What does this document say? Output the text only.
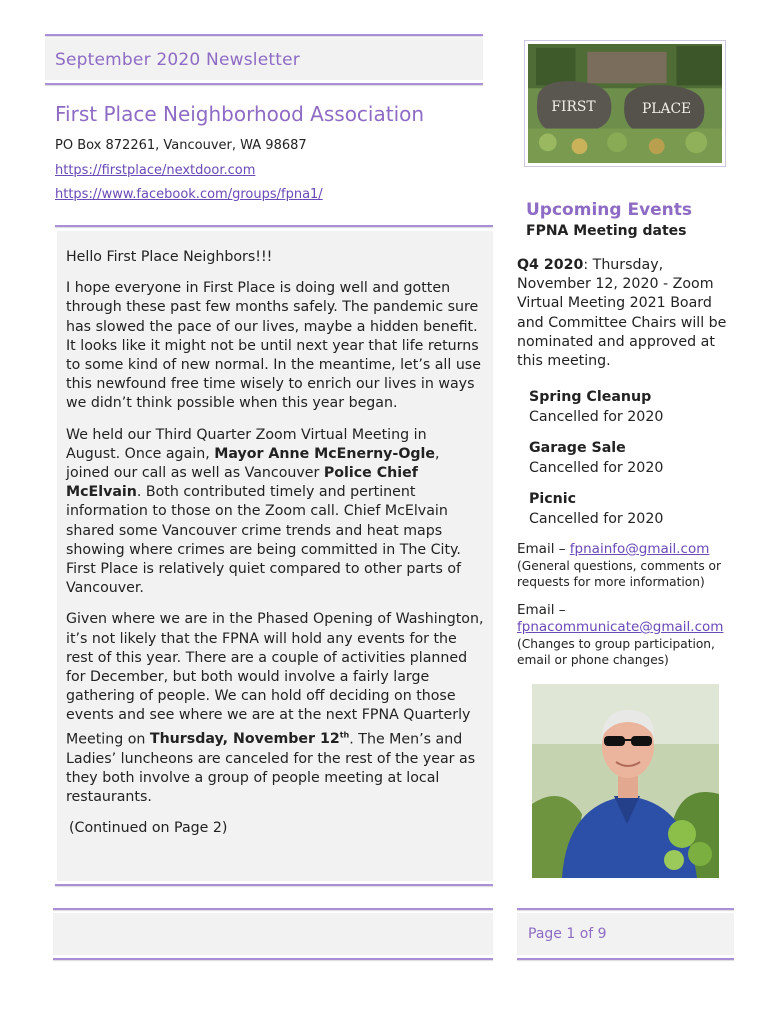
September 2020 Newsletter
First Place Neighborhood Association
PO Box 872261, Vancouver, WA 98687
https://firstplace/nextdoor.com
https://www.facebook.com/groups/fpna1/

Hello First Place Neighbors!!!

I hope everyone in First Place is doing well and gotten through these past few months safely. The pandemic sure has slowed the pace of our lives, maybe a hidden benefit. It looks like it might not be until next year that life returns to some kind of new normal. In the meantime, let’s all use this newfound free time wisely to enrich our lives in ways we didn’t think possible when this year began.

We held our Third Quarter Zoom Virtual Meeting in August. Once again, Mayor Anne McEnerny-Ogle, joined our call as well as Vancouver Police Chief McElvain. Both contributed timely and pertinent information to those on the Zoom call. Chief McElvain shared some Vancouver crime trends and heat maps showing where crimes are being committed in The City. First Place is relatively quiet compared to other parts of Vancouver.

Given where we are in the Phased Opening of Washington, it’s not likely that the FPNA will hold any events for the rest of this year. There are a couple of activities planned for December, but both would involve a fairly large gathering of people. We can hold off deciding on those events and see where we are at the next FPNA Quarterly Meeting on Thursday, November 12th. The Men’s and Ladies’ luncheons are canceled for the rest of the year as they both involve a group of people meeting at local restaurants.

(Continued on Page 2)

FIRST	PLACE
Upcoming Events
FPNA Meeting dates
Q4 2020: Thursday, November 12, 2020 - Zoom Virtual Meeting 2021 Board and Committee Chairs will be nominated and approved at this meeting.
Spring Cleanup
Cancelled for 2020
Garage Sale
Cancelled for 2020
Picnic
Cancelled for 2020
Email – fpnainfo@gmail.com
(General questions, comments or requests for more information)
Email –
fpnacommunicate@gmail.com
(Changes to group participation, email or phone changes)
Page 1 of 9
